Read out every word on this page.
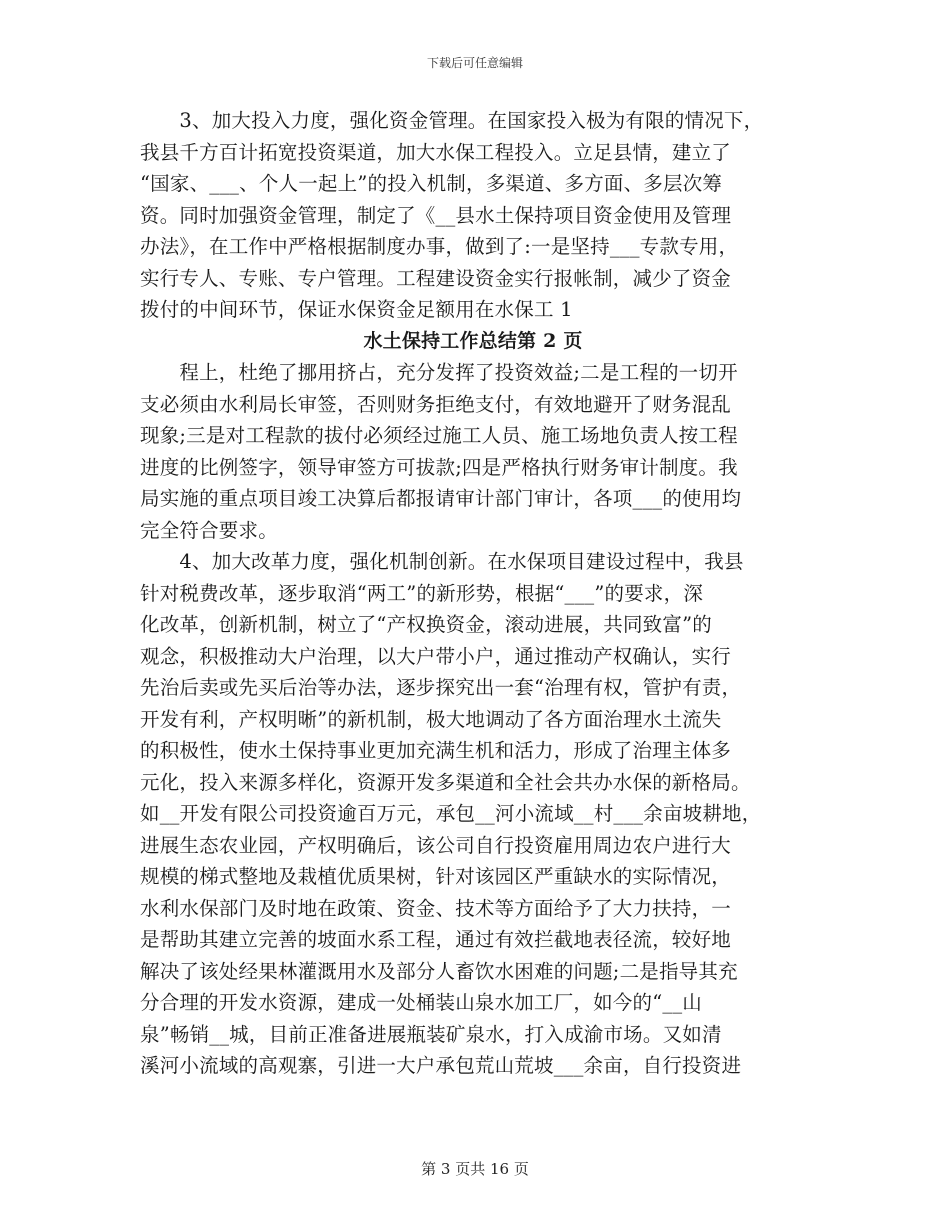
下载后可任意编辑
　　3、加大投入力度，强化资金管理。在国家投入极为有限的情况下，
我县千方百计拓宽投资渠道，加大水保工程投入。立足县情，建立了
“国家、___、个人一起上”的投入机制，多渠道、多方面、多层次筹
资。同时加强资金管理，制定了《__县水土保持项目资金使用及管理
办法》，在工作中严格根据制度办事，做到了:一是坚持___专款专用，
实行专人、专账、专户管理。工程建设资金实行报帐制，减少了资金
拨付的中间环节，保证水保资金足额用在水保工 1
水土保持工作总结第 2 页
　　程上，杜绝了挪用挤占，充分发挥了投资效益;二是工程的一切开
支必须由水利局长审签，否则财务拒绝支付，有效地避开了财务混乱
现象;三是对工程款的拔付必须经过施工人员、施工场地负责人按工程
进度的比例签字，领导审签方可拔款;四是严格执行财务审计制度。我
局实施的重点项目竣工决算后都报请审计部门审计，各项___的使用均
完全符合要求。
　　4、加大改革力度，强化机制创新。在水保项目建设过程中，我县
针对税费改革，逐步取消“两工”的新形势，根据“___”的要求，深
化改革，创新机制，树立了“产权换资金，滚动进展，共同致富”的
观念，积极推动大户治理，以大户带小户，通过推动产权确认，实行
先治后卖或先买后治等办法，逐步探究出一套“治理有权，管护有责，
开发有利，产权明晰”的新机制，极大地调动了各方面治理水土流失
的积极性，使水土保持事业更加充满生机和活力，形成了治理主体多
元化，投入来源多样化，资源开发多渠道和全社会共办水保的新格局。
如__开发有限公司投资逾百万元，承包__河小流域__村___余亩坡耕地，
进展生态农业园，产权明确后，该公司自行投资雇用周边农户进行大
规模的梯式整地及栽植优质果树，针对该园区严重缺水的实际情况，
水利水保部门及时地在政策、资金、技术等方面给予了大力扶持，一
是帮助其建立完善的坡面水系工程，通过有效拦截地表径流，较好地
解决了该处经果林灌溉用水及部分人畜饮水困难的问题;二是指导其充
分合理的开发水资源，建成一处桶装山泉水加工厂，如今的“__山
泉”畅销__城，目前正准备进展瓶装矿泉水，打入成渝市场。又如清
溪河小流域的高观寨，引进一大户承包荒山荒坡___余亩，自行投资进
第 3 页共 16 页
